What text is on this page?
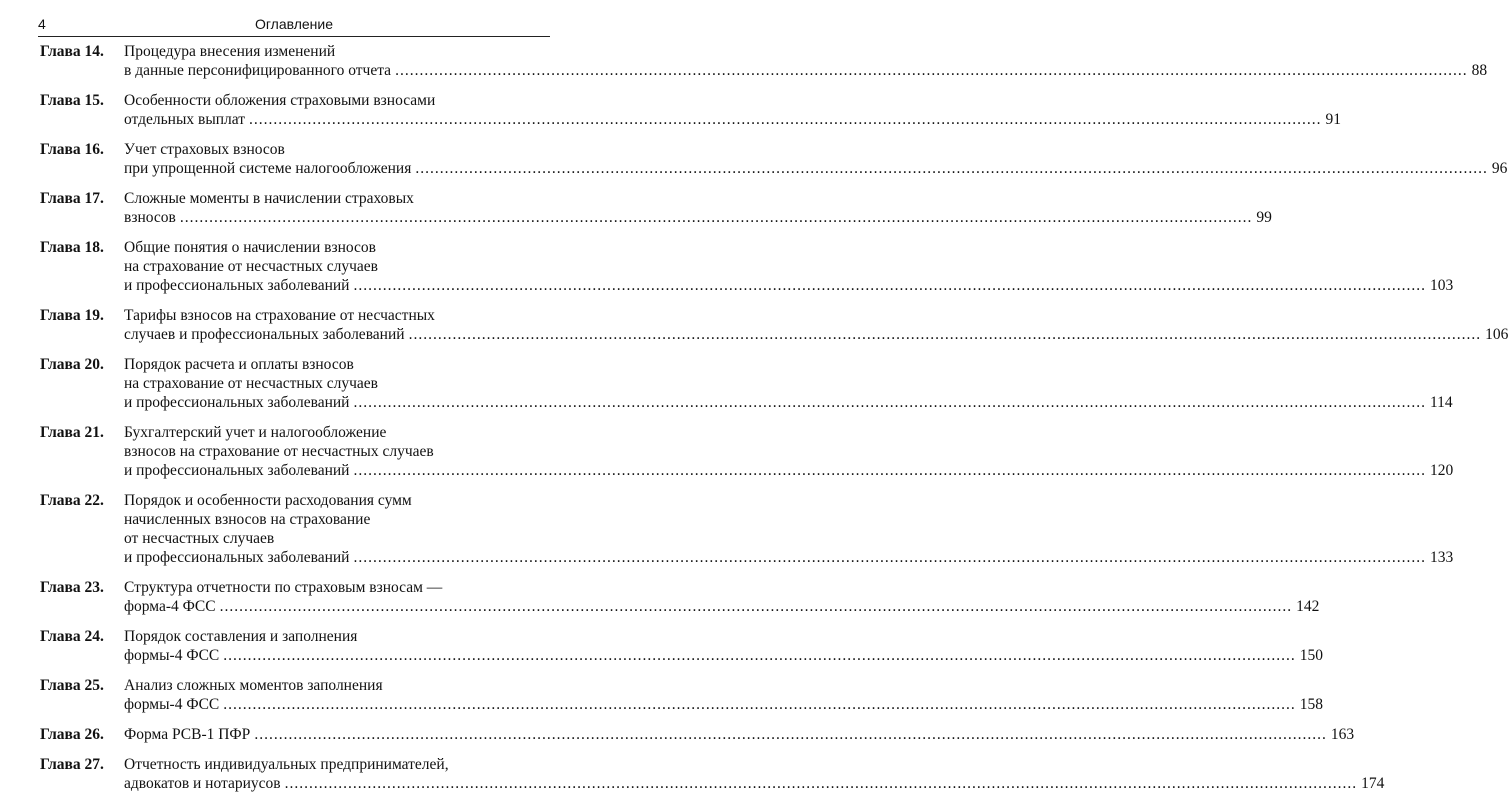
4	Оглавление
Глава 14.	Процедура внесения изменений
в данные персонифицированного отчета ............................................................................................................................................................................................................................ 88
Глава 15.	Особенности обложения страховыми взносами
отдельных выплат ............................................................................................................................................................................................................................ 91
Глава 16.	Учет страховых взносов
при упрощенной системе налогообложения ............................................................................................................................................................................................................................ 96
Глава 17.	Сложные моменты в начислении страховых
взносов ............................................................................................................................................................................................................................ 99
Глава 18.	Общие понятия о начислении взносов
на страхование от несчастных случаев
и профессиональных заболеваний ............................................................................................................................................................................................................................ 103
Глава 19.	Тарифы взносов на страхование от несчастных
случаев и профессиональных заболеваний ............................................................................................................................................................................................................................ 106
Глава 20.	Порядок расчета и оплаты взносов
на страхование от несчастных случаев
и профессиональных заболеваний ............................................................................................................................................................................................................................ 114
Глава 21.	Бухгалтерский учет и налогообложение
взносов на страхование от несчастных случаев
и профессиональных заболеваний ............................................................................................................................................................................................................................ 120
Глава 22.	Порядок и особенности расходования сумм
начисленных взносов на страхование
от несчастных случаев
и профессиональных заболеваний ............................................................................................................................................................................................................................ 133
Глава 23.	Структура отчетности по страховым взносам —
форма-4 ФСС ............................................................................................................................................................................................................................ 142
Глава 24.	Порядок составления и заполнения
формы-4 ФСС ............................................................................................................................................................................................................................ 150
Глава 25.	Анализ сложных моментов заполнения
формы-4 ФСС ............................................................................................................................................................................................................................ 158
Глава 26.	Форма РСВ-1 ПФР ............................................................................................................................................................................................................................ 163
Глава 27.	Отчетность индивидуальных предпринимателей,
адвокатов и нотариусов ............................................................................................................................................................................................................................ 174
